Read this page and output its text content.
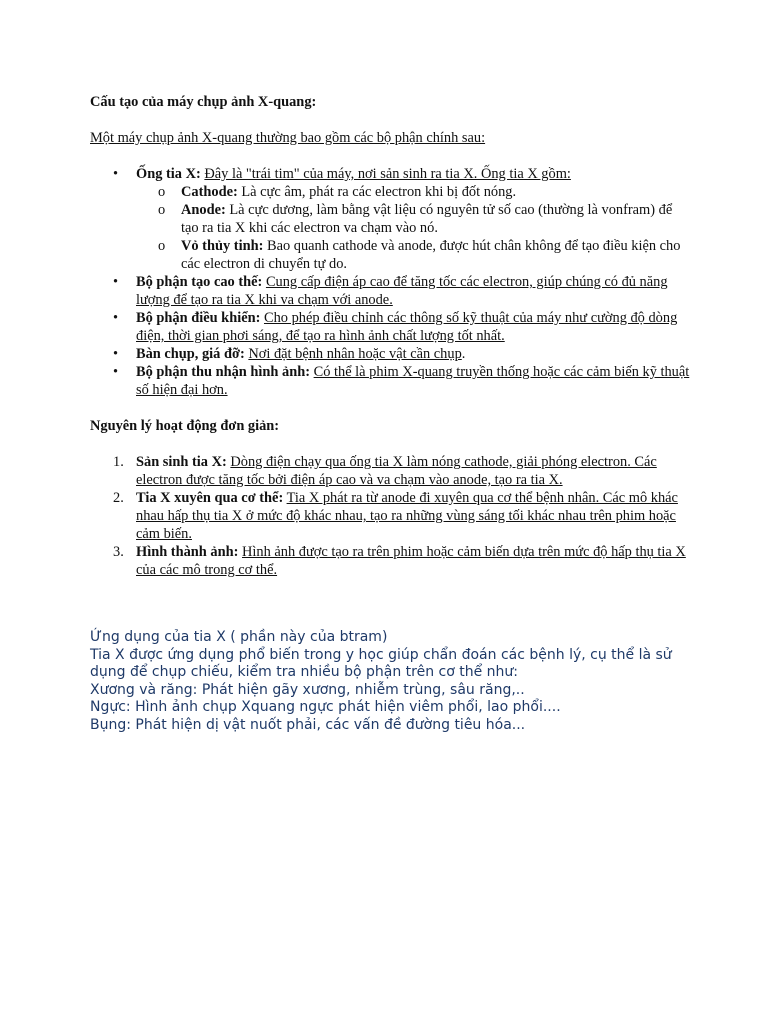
Cấu tạo của máy chụp ảnh X-quang:

Một máy chụp ảnh X-quang thường bao gồm các bộ phận chính sau:

• Ống tia X: Đây là "trái tim" của máy, nơi sản sinh ra tia X. Ống tia X gồm:
o Cathode: Là cực âm, phát ra các electron khi bị đốt nóng.
o Anode: Là cực dương, làm bằng vật liệu có nguyên tử số cao (thường là vonfram) để tạo ra tia X khi các electron va chạm vào nó.
o Vỏ thủy tinh: Bao quanh cathode và anode, được hút chân không để tạo điều kiện cho các electron di chuyển tự do.
• Bộ phận tạo cao thế: Cung cấp điện áp cao để tăng tốc các electron, giúp chúng có đủ năng lượng để tạo ra tia X khi va chạm với anode.
• Bộ phận điều khiển: Cho phép điều chỉnh các thông số kỹ thuật của máy như cường độ dòng điện, thời gian phơi sáng, để tạo ra hình ảnh chất lượng tốt nhất.
• Bàn chụp, giá đỡ: Nơi đặt bệnh nhân hoặc vật cần chụp.
• Bộ phận thu nhận hình ảnh: Có thể là phim X-quang truyền thống hoặc các cảm biến kỹ thuật số hiện đại hơn.

Nguyên lý hoạt động đơn giản:

1. Sản sinh tia X: Dòng điện chạy qua ống tia X làm nóng cathode, giải phóng electron. Các electron được tăng tốc bởi điện áp cao và va chạm vào anode, tạo ra tia X.
2. Tia X xuyên qua cơ thể: Tia X phát ra từ anode đi xuyên qua cơ thể bệnh nhân. Các mô khác nhau hấp thụ tia X ở mức độ khác nhau, tạo ra những vùng sáng tối khác nhau trên phim hoặc cảm biến.
3. Hình thành ảnh: Hình ảnh được tạo ra trên phim hoặc cảm biến dựa trên mức độ hấp thụ tia X của các mô trong cơ thể.

Ứng dụng của tia X ( phần này của btram)

Tia X được ứng dụng phổ biến trong y học giúp chẩn đoán các bệnh lý, cụ thể là sử dụng để chụp chiếu, kiểm tra nhiều bộ phận trên cơ thể như:

Xương và răng: Phát hiện gãy xương, nhiễm trùng, sâu răng,..

Ngực: Hình ảnh chụp Xquang ngực phát hiện viêm phổi, lao phổi....

Bụng: Phát hiện dị vật nuốt phải, các vấn đề đường tiêu hóa...
